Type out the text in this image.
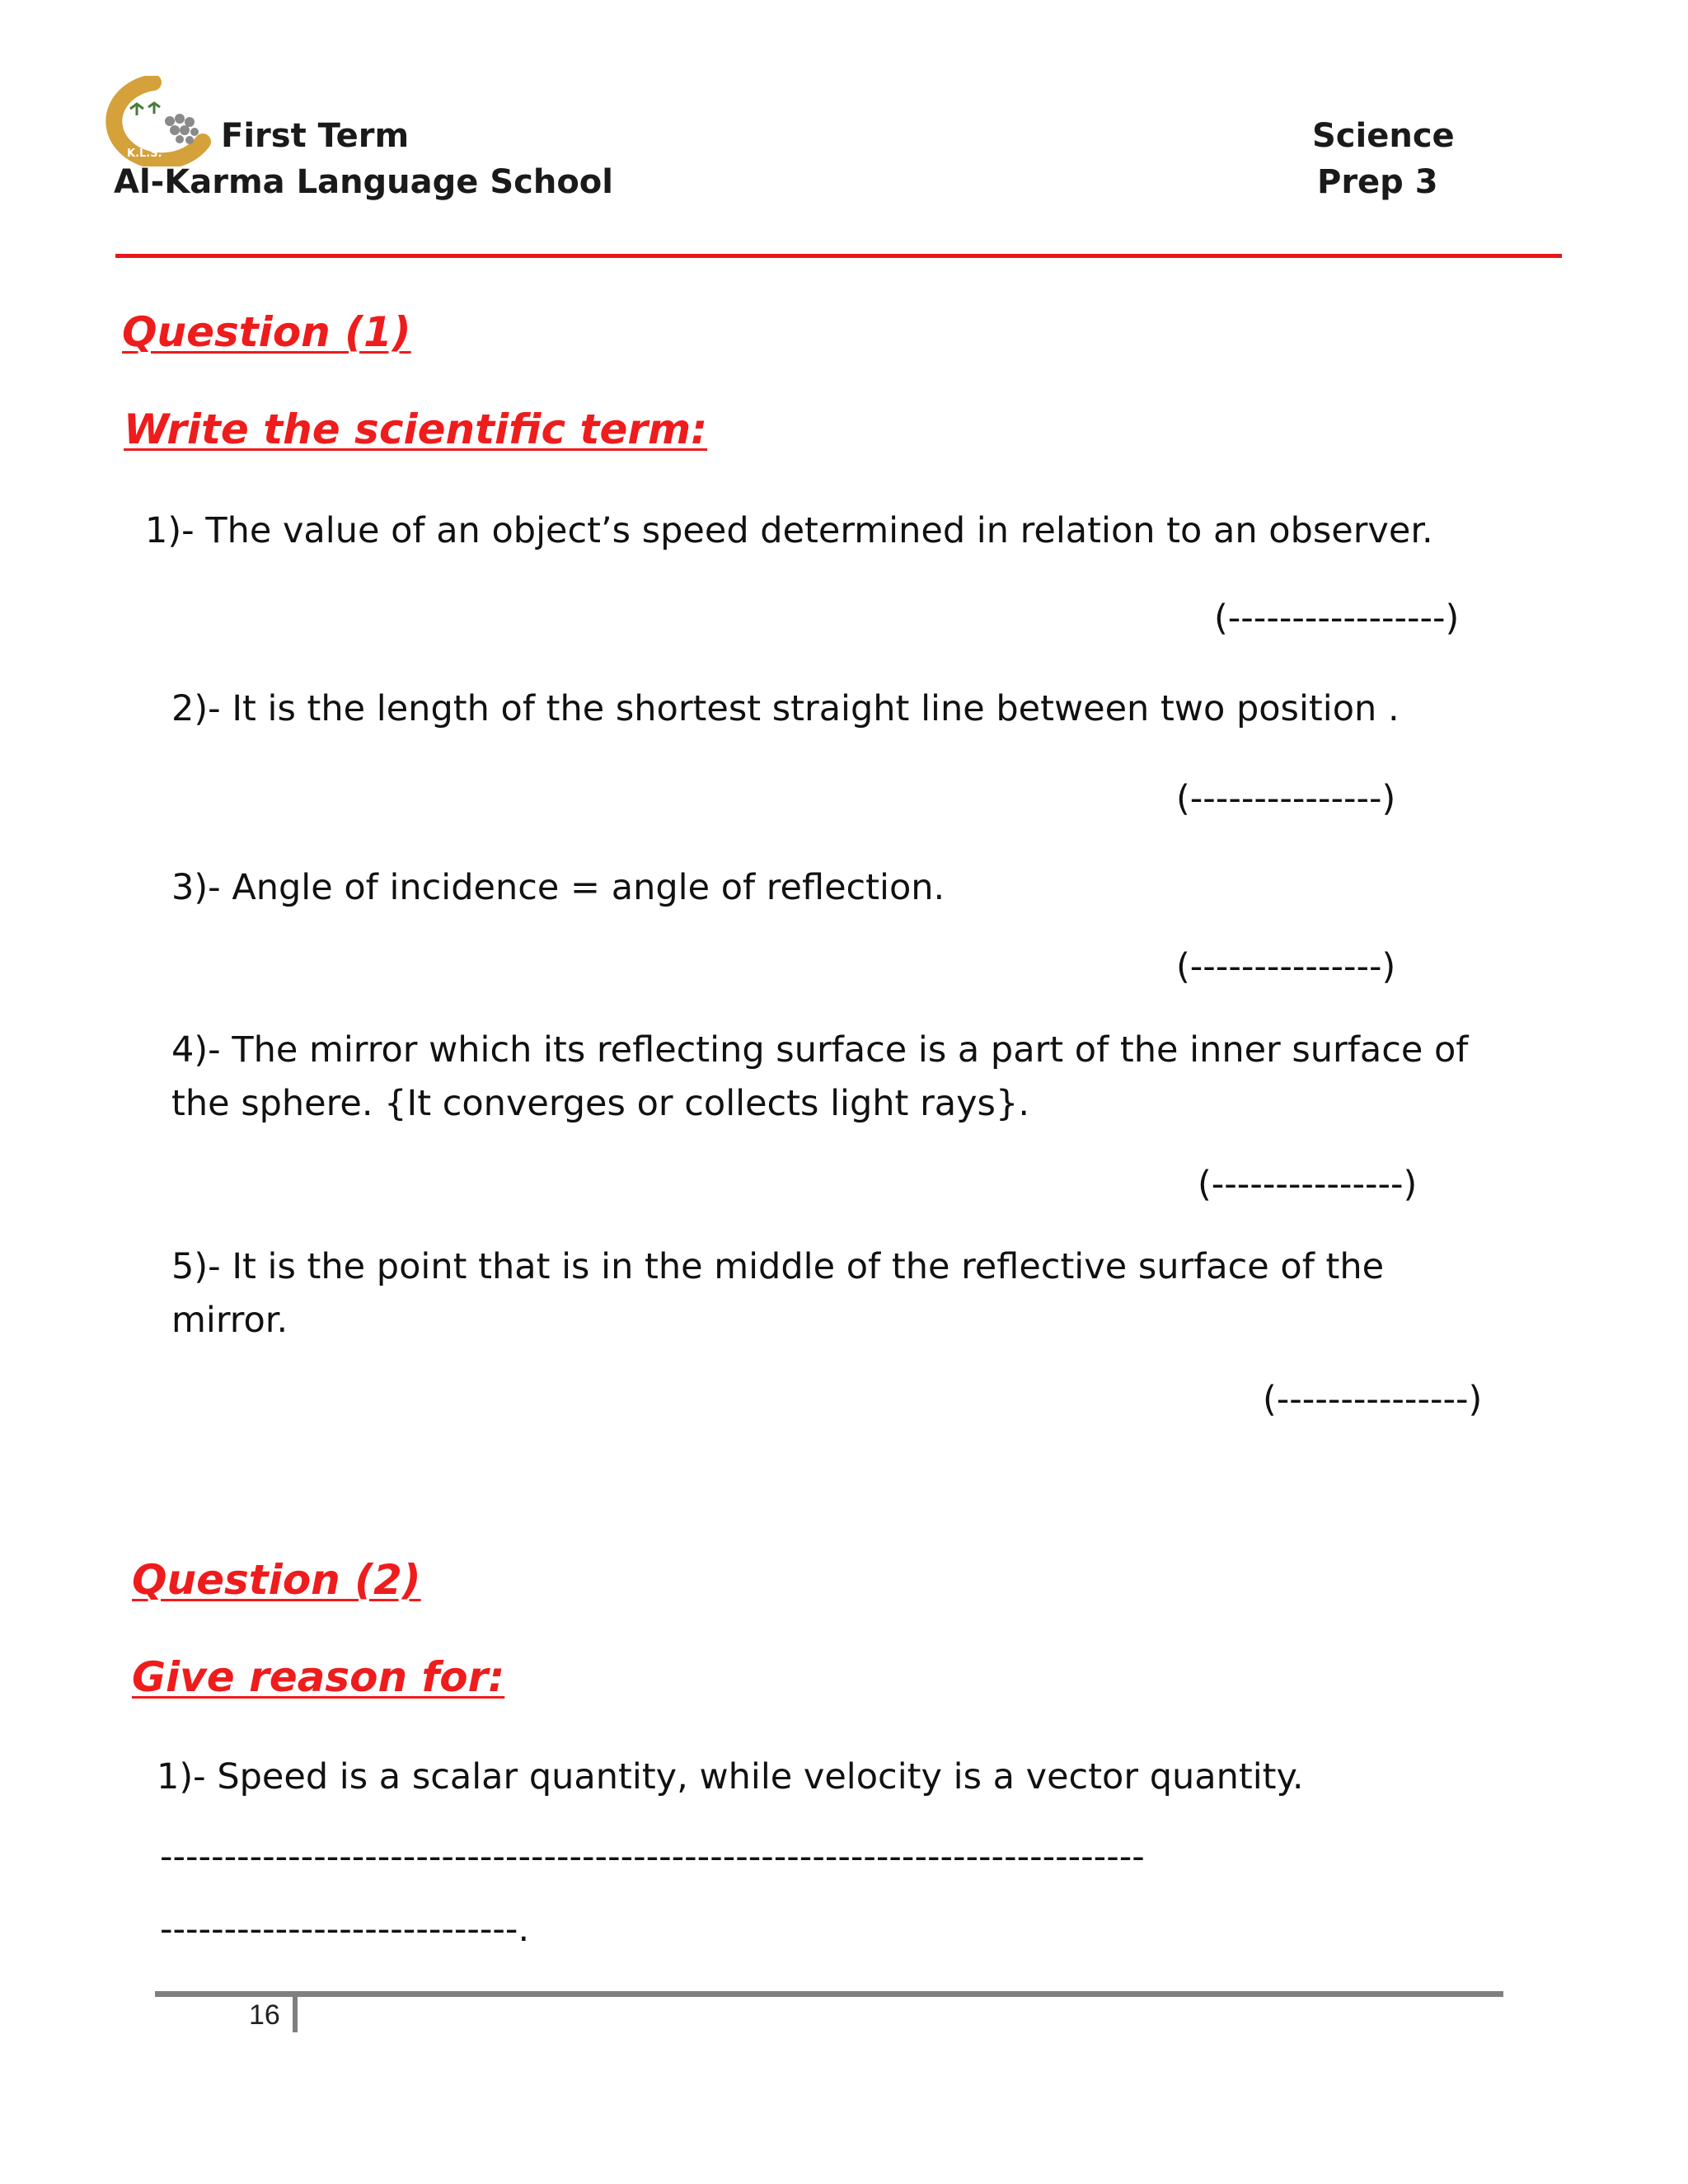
K.L.S. First Term
Al-Karma Language School
Science
Prep 3
Question (1)
Write the scientific term:
1)- The value of an object’s speed determined in relation to an observer.
(-----------------)
2)- It is the length of the shortest straight line between two position .
(---------------)
3)- Angle of incidence = angle of reflection.
(---------------)
4)- The mirror which its reflecting surface is a part of the inner surface of the sphere. {It converges or collects light rays}.
(---------------)
5)- It is the point that is in the middle of the reflective surface of the mirror.
(---------------)
Question (2)
Give reason for:
1)- Speed is a scalar quantity, while velocity is a vector quantity.
-----------------------------------------------------------------------------
----------------------------.
16
